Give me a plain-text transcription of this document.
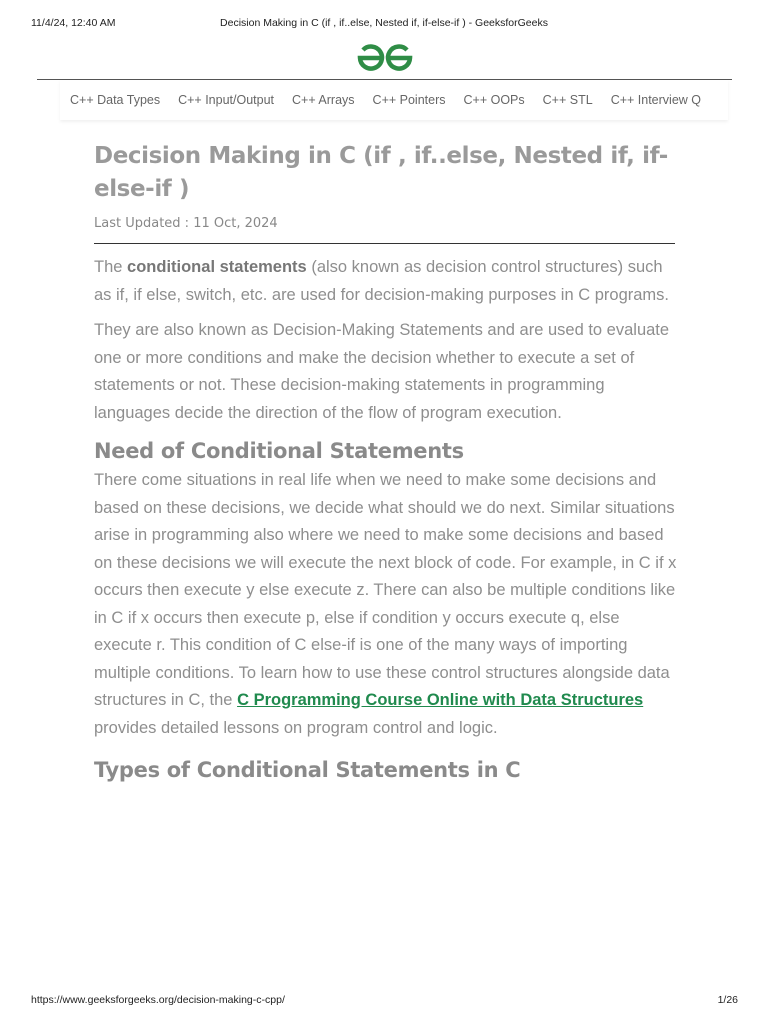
11/4/24, 12:40 AM	Decision Making in C (if , if..else, Nested if, if-else-if ) - GeeksforGeeks
C++ Data Types C++ Input/Output C++ Arrays C++ Pointers C++ OOPs C++ STL C++ Interview Q
Decision Making in C (if , if..else, Nested if, if-else-if )
Last Updated : 11 Oct, 2024

The conditional statements (also known as decision control structures) such as if, if else, switch, etc. are used for decision-making purposes in C programs.

They are also known as Decision-Making Statements and are used to evaluate one or more conditions and make the decision whether to execute a set of statements or not. These decision-making statements in programming languages decide the direction of the flow of program execution.

Need of Conditional Statements

There come situations in real life when we need to make some decisions and based on these decisions, we decide what should we do next. Similar situations arise in programming also where we need to make some decisions and based on these decisions we will execute the next block of code. For example, in C if x occurs then execute y else execute z. There can also be multiple conditions like in C if x occurs then execute p, else if condition y occurs execute q, else execute r. This condition of C else-if is one of the many ways of importing multiple conditions. To learn how to use these control structures alongside data structures in C, the C Programming Course Online with Data Structures provides detailed lessons on program control and logic.

Types of Conditional Statements in C
https://www.geeksforgeeks.org/decision-making-c-cpp/	1/26
